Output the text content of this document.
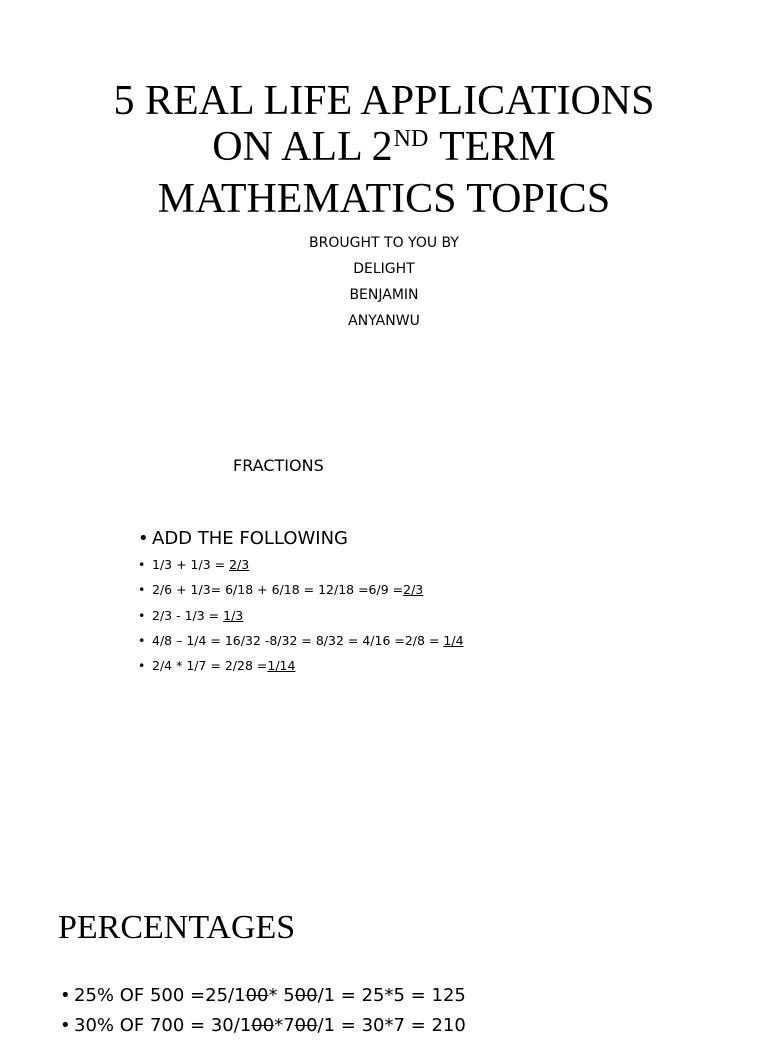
5 REAL LIFE APPLICATIONS
ON ALL 2ND TERM
MATHEMATICS TOPICS
BROUGHT TO YOU BY
DELIGHT
BENJAMIN
ANYANWU
FRACTIONS
• ADD THE FOLLOWING
• 1/3 + 1/3 = 2/3
• 2/6 + 1/3= 6/18 + 6/18 = 12/18 =6/9 =2/3
• 2/3 - 1/3 = 1/3
• 4/8 – 1/4 = 16/32 -8/32 = 8/32 = 4/16 =2/8 = 1/4
• 2/4 * 1/7 = 2/28 =1/14
PERCENTAGES
• 25% OF 500 =25/100* 500/1 = 25*5 = 125
• 30% OF 700 = 30/100*700/1 = 30*7 = 210
